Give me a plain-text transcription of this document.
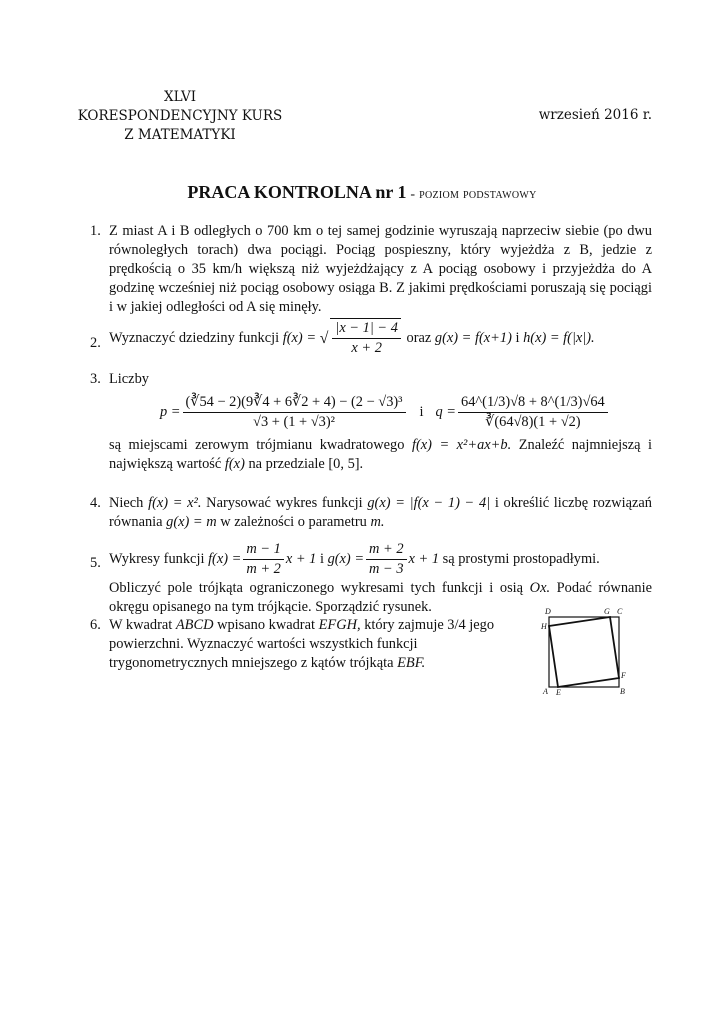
XLVI
KORESPONDENCYJNY KURS
Z MATEMATYKI
wrzesień 2016 r.
PRACA KONTROLNA nr 1 - poziom podstawowy
1. Z miast A i B odległych o 700 km o tej samej godzinie wyruszają naprzeciw siebie (po dwu równoległych torach) dwa pociągi. Pociąg pospieszny, który wyjeżdża z B, jedzie z prędkością o 35 km/h większą niż wyjeżdżający z A pociąg osobowy i przyjeżdża do A godzinę wcześniej niż pociąg osobowy osiąga B. Z jakimi prędkościami poruszają się pociągi i w jakiej odległości od A się minęły.
2. Wyznaczyć dziedziny funkcji
f(x) =
√ $\frac{|x - 1| - 4}{x + 2}$
oraz
g(x) = f(x+1)
i
h(x) = f(|x|).
3. Liczby
$p = \frac{\text{(∛54 − 2)(9∛4 + 6∛2 + 4) − (2 − √3)³}}{\text{√3 + (1 + √3)²}}$ i $q = \frac{64\^{}(1/3)√8 + 8\^{}(1/3)√64}{∛(64√8)(1 + √2)}$
są miejscami zerowym trójmianu kwadratowego f(x) = x²+ax+b. Znaleźć najmniejszą i największą wartość f(x) na przedziale [0, 5].
4. Niech f(x) = x². Narysować wykres funkcji g(x) = |f(x − 1) − 4| i określić liczbę rozwiązań równania g(x) = m w zależności o parametru m.
5. Wykresy funkcji
$f(x) = \frac{m - 1}{m + 2}$ x + 1
i
$g(x) = \frac{m + 2}{m - 3}$ x + 1
są prostymi prostopadłymi.
Obliczyć pole trójkąta ograniczonego wykresami tych funkcji i osią Ox. Podać równanie okręgu opisanego na tym trójkącie. Sporządzić rysunek.
6. W kwadrat ABCD wpisano kwadrat EFGH, który zajmuje 3/4 jego powierzchni. Wyznaczyć wartości wszystkich funkcji trygonometrycznych mniejszego z kątów trójkąta EBF.
A	B
C
D
E
F
G
H
